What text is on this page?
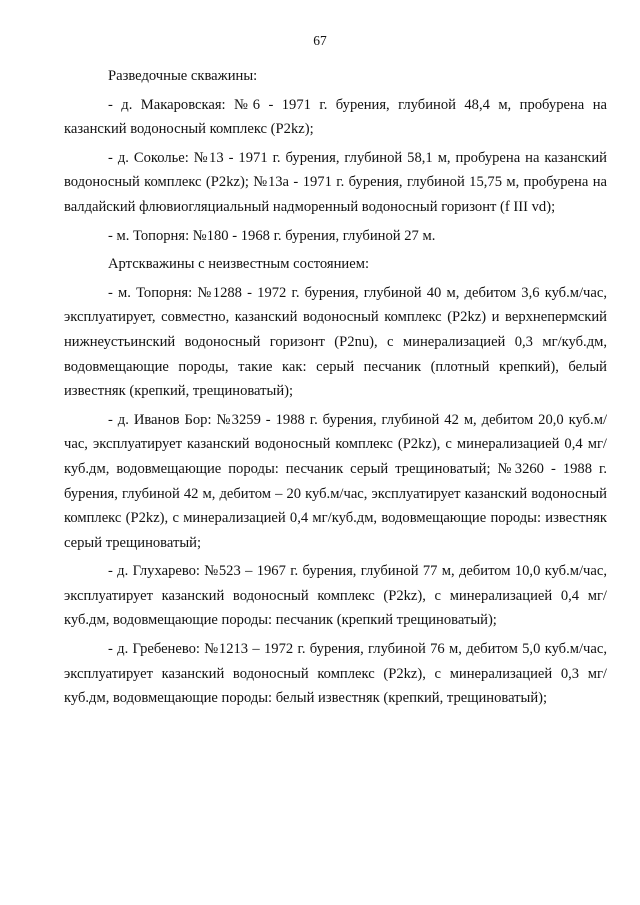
67

Разведочные скважины:

- д. Макаровская: №6 - 1971 г. бурения, глубиной 48,4 м, пробурена на казанский водоносный комплекс (P2kz);

- д. Соколье: №13 - 1971 г. бурения, глубиной 58,1 м, пробурена на казанский водоносный комплекс (P2kz); №13а - 1971 г. бурения, глубиной 15,75 м, пробурена на валдайский флювиогляциальный надморенный водоносный горизонт (f III vd);

- м. Топорня: №180 - 1968 г. бурения, глубиной 27 м.

Артскважины с неизвестным состоянием:

- м. Топорня: №1288 - 1972 г. бурения, глубиной 40 м, дебитом 3,6 куб.м/час, эксплуатирует, совместно, казанский водоносный комплекс (P2kz) и верхнепермский нижнеустьинский водоносный горизонт (P2nu), с минерализацией 0,3 мг/куб.дм, водовмещающие породы, такие как: серый песчаник (плотный крепкий), белый известняк (крепкий, трещиноватый);

- д. Иванов Бор: №3259 - 1988 г. бурения, глубиной 42 м, дебитом 20,0 куб.м/час, эксплуатирует казанский водоносный комплекс (P2kz), с минерализацией 0,4 мг/куб.дм, водовмещающие породы: песчаник серый трещиноватый; №3260 - 1988 г. бурения, глубиной 42 м, дебитом – 20 куб.м/час, эксплуатирует казанский водоносный комплекс (P2kz), с минерализацией 0,4 мг/куб.дм, водовмещающие породы: известняк серый трещиноватый;

- д. Глухарево: №523 – 1967 г. бурения, глубиной 77 м, дебитом 10,0 куб.м/час, эксплуатирует казанский водоносный комплекс (P2kz), с минерализацией 0,4 мг/куб.дм, водовмещающие породы: песчаник (крепкий трещиноватый);

- д. Гребенево: №1213 – 1972 г. бурения, глубиной 76 м, дебитом 5,0 куб.м/час, эксплуатирует казанский водоносный комплекс (P2kz), с минерализацией 0,3 мг/куб.дм, водовмещающие породы: белый известняк (крепкий, трещиноватый);
